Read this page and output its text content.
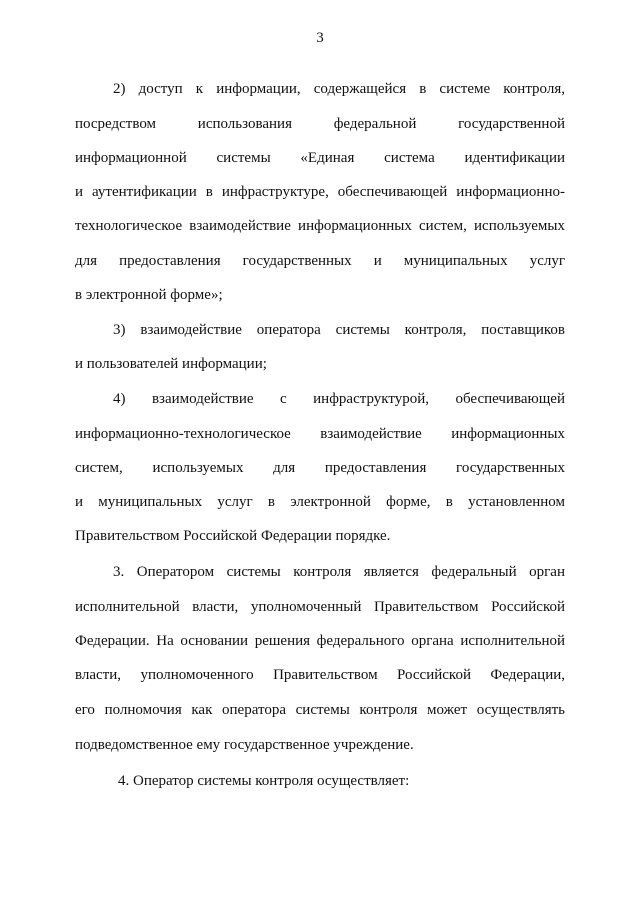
3
2) доступ к информации, содержащейся в системе контроля,
посредством использования федеральной государственной
информационной системы «Единая система идентификации
и аутентификации в инфраструктуре, обеспечивающей информационно-
технологическое взаимодействие информационных систем, используемых
для предоставления государственных и муниципальных услуг
в электронной форме»;
3) взаимодействие оператора системы контроля, поставщиков
и пользователей информации;
4) взаимодействие с инфраструктурой, обеспечивающей
информационно-технологическое взаимодействие информационных
систем, используемых для предоставления государственных
и муниципальных услуг в электронной форме, в установленном
Правительством Российской Федерации порядке.
3. Оператором системы контроля является федеральный орган
исполнительной власти, уполномоченный Правительством Российской
Федерации. На основании решения федерального органа исполнительной
власти, уполномоченного Правительством Российской Федерации,
его полномочия как оператора системы контроля может осуществлять
подведомственное ему государственное учреждение.
4. Оператор системы контроля осуществляет:
